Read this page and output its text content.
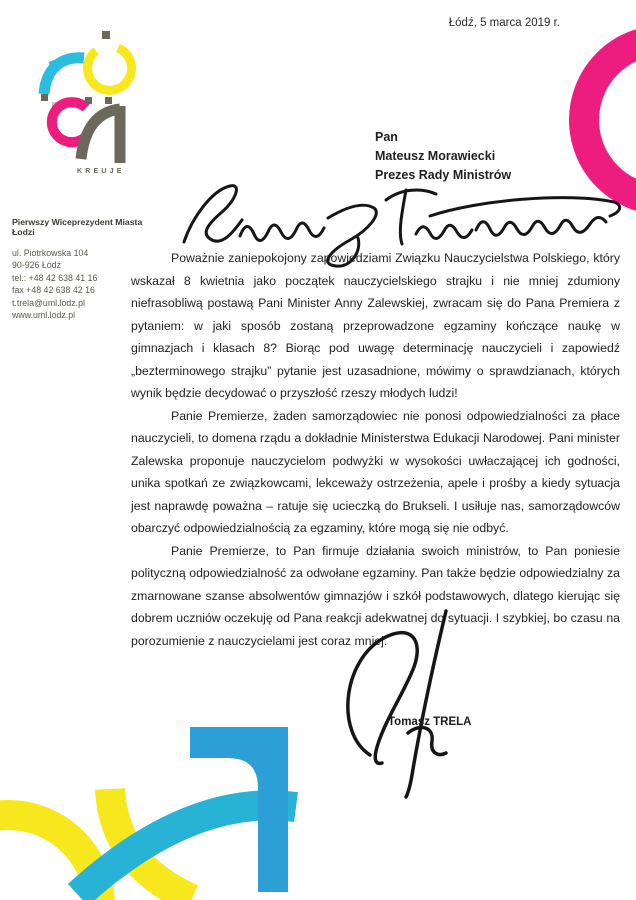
Łódź, 5 marca 2019 r.
KREUJE
Pan
Mateusz Morawiecki
Prezes Rady Ministrów
Pierwszy Wiceprezydent Miasta Łodzi
ul. Piotrkowska 104
90-926 Łódź
tel.: +48 42 638 41 16
fax +48 42 638 42 16
t.trela@uml.lodz.pl
www.uml.lodz.pl

Poważnie zaniepokojony zapowiedziami Związku Nauczycielstwa Polskiego, który wskazał 8 kwietnia jako początek nauczycielskiego strajku i nie mniej zdumiony niefrasobliwą postawą Pani Minister Anny Zalewskiej, zwracam się do Pana Premiera z pytaniem: w jaki sposób zostaną przeprowadzone egzaminy kończące naukę w gimnazjach i klasach 8? Biorąc pod uwagę determinację nauczycieli i zapowiedź „bezterminowego strajku” pytanie jest uzasadnione, mówimy o sprawdzianach, których wynik będzie decydować o przyszłość rzeszy młodych ludzi!

Panie Premierze, żaden samorządowiec nie ponosi odpowiedzialności za płace nauczycieli, to domena rządu a dokładnie Ministerstwa Edukacji Narodowej. Pani minister Zalewska proponuje nauczycielom podwyżki w wysokości uwłaczającej ich godności, unika spotkań ze związkowcami, lekceważy ostrzeżenia, apele i prośby a kiedy sytuacja jest naprawdę poważna – ratuje się ucieczką do Brukseli. I usiłuje nas, samorządowców obarczyć odpowiedzialnością za egzaminy, które mogą się nie odbyć.

Panie Premierze, to Pan firmuje działania swoich ministrów, to Pan poniesie polityczną odpowiedzialność za odwołane egzaminy. Pan także będzie odpowiedzialny za zmarnowane szanse absolwentów gimnazjów i szkół podstawowych, dlatego kierując się dobrem uczniów oczekuję od Pana reakcji adekwatnej do sytuacji. I szybkiej, bo czasu na porozumienie z nauczycielami jest coraz mniej.

Tomasz TRELA
